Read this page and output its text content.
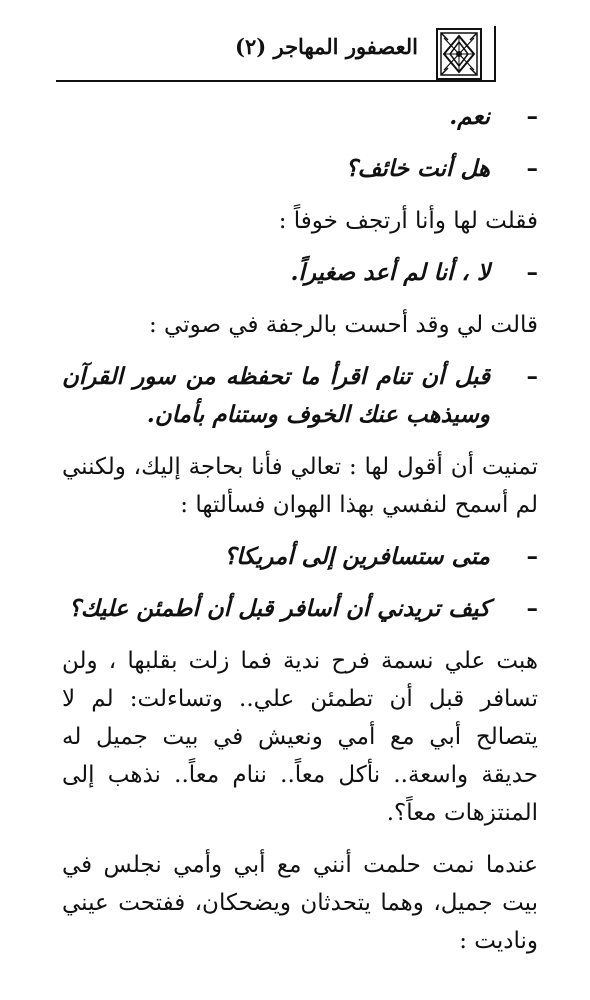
العصفور المهاجر (٢)

–
نعم.

–
هل أنت خائف؟

فقلت لها وأنا أرتجف خوفاً :

–
لا ، أنا لم أعد صغيراً.

قالت لي وقد أحست بالرجفة في صوتي :

–
قبل أن تنام اقرأ ما تحفظه من سور القرآن وسيذهب عنك الخوف وستنام بأمان.

تمنيت أن أقول لها : تعالي فأنا بحاجة إليك، ولكنني لم أسمح لنفسي بهذا الهوان فسألتها :

–
متى ستسافرين إلى أمريكا؟

–
كيف تريدني أن أسافر قبل أن أطمئن عليك؟

هبت علي نسمة فرح ندية فما زلت بقلبها ، ولن تسافر قبل أن تطمئن علي.. وتساءلت: لم لا يتصالح أبي مع أمي ونعيش في بيت جميل له حديقة واسعة.. نأكل معاً.. ننام معاً.. نذهب إلى المنتزهات معاً؟.

عندما نمت حلمت أنني مع أبي وأمي نجلس في بيت جميل، وهما يتحدثان ويضحكان، ففتحت عيني وناديت :
